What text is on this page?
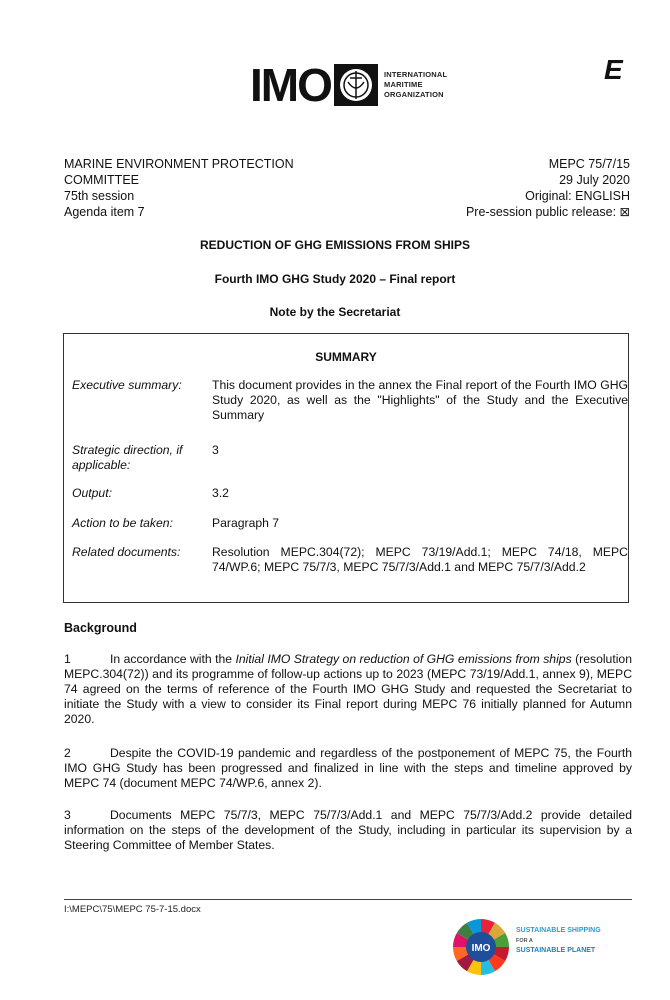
IMO	INTERNATIONAL
MARITIME
ORGANIZATION
E
MARINE ENVIRONMENT PROTECTION
COMMITTEE
75th session
Agenda item 7
MEPC 75/7/15
29 July 2020
Original: ENGLISH
Pre-session public release: ⊠
REDUCTION OF GHG EMISSIONS FROM SHIPS
Fourth IMO GHG Study 2020 – Final report
Note by the Secretariat
SUMMARY
Executive summary:	This document provides in the annex the Final report of the Fourth IMO GHG Study 2020, as well as the "Highlights" of the Study and the Executive Summary
Strategic direction, if applicable:
3
Output:	3.2
Action to be taken:	Paragraph 7
Related documents:	Resolution MEPC.304(72); MEPC 73/19/Add.1; MEPC 74/18, MEPC 74/WP.6; MEPC 75/7/3, MEPC 75/7/3/Add.1 and MEPC 75/7/3/Add.2
Background
1	In accordance with the Initial IMO Strategy on reduction of GHG emissions from ships (resolution MEPC.304(72)) and its programme of follow-up actions up to 2023 (MEPC 73/19/Add.1, annex 9), MEPC 74 agreed on the terms of reference of the Fourth IMO GHG Study and requested the Secretariat to initiate the Study with a view to consider its Final report during MEPC 76 initially planned for Autumn 2020.
2	Despite the COVID-19 pandemic and regardless of the postponement of MEPC 75, the Fourth IMO GHG Study has been progressed and finalized in line with the steps and timeline approved by MEPC 74 (document MEPC 74/WP.6, annex 2).
3	Documents MEPC 75/7/3, MEPC 75/7/3/Add.1 and MEPC 75/7/3/Add.2 provide detailed information on the steps of the development of the Study, including in particular its supervision by a Steering Committee of Member States.
I:\MEPC\75\MEPC 75-7-15.docx
IMO
SUSTAINABLE SHIPPING
FOR A
SUSTAINABLE PLANET
